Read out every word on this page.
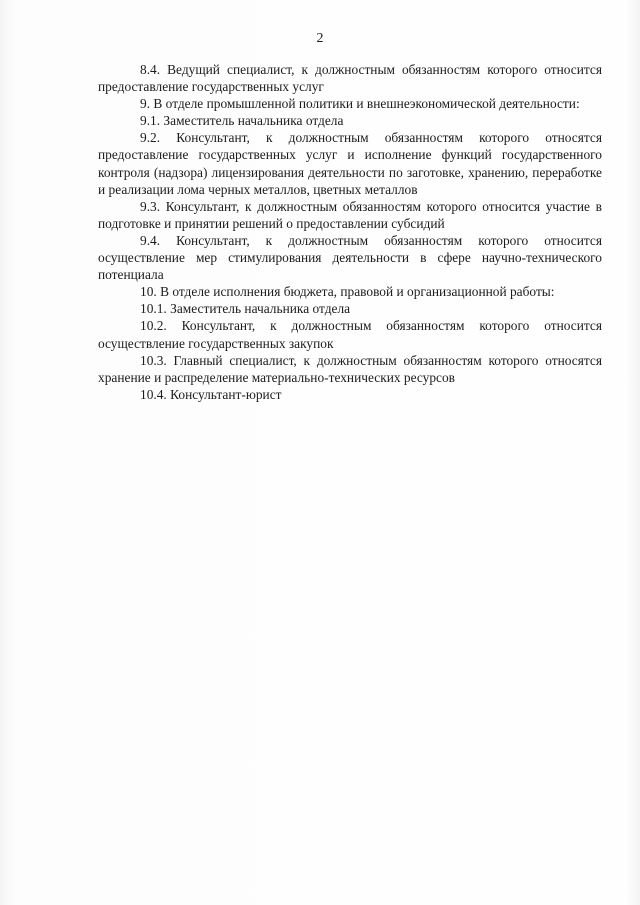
2

8.4. Ведущий специалист, к должностным обязанностям которого относится предоставление государственных услуг

9. В отделе промышленной политики и внешнеэкономической деятельности:

9.1. Заместитель начальника отдела

9.2. Консультант, к должностным обязанностям которого относятся предоставление государственных услуг и исполнение функций государственного контроля (надзора) лицензирования деятельности по заготовке, хранению, переработке и реализации лома черных металлов, цветных металлов

9.3. Консультант, к должностным обязанностям которого относится участие в подготовке и принятии решений о предоставлении субсидий

9.4. Консультант, к должностным обязанностям которого относится осуществление мер стимулирования деятельности в сфере научно-технического потенциала

10. В отделе исполнения бюджета, правовой и организационной работы:

10.1. Заместитель начальника отдела

10.2. Консультант, к должностным обязанностям которого относится осуществление государственных закупок

10.3. Главный специалист, к должностным обязанностям которого относятся хранение и распределение материально-технических ресурсов

10.4. Консультант-юрист
